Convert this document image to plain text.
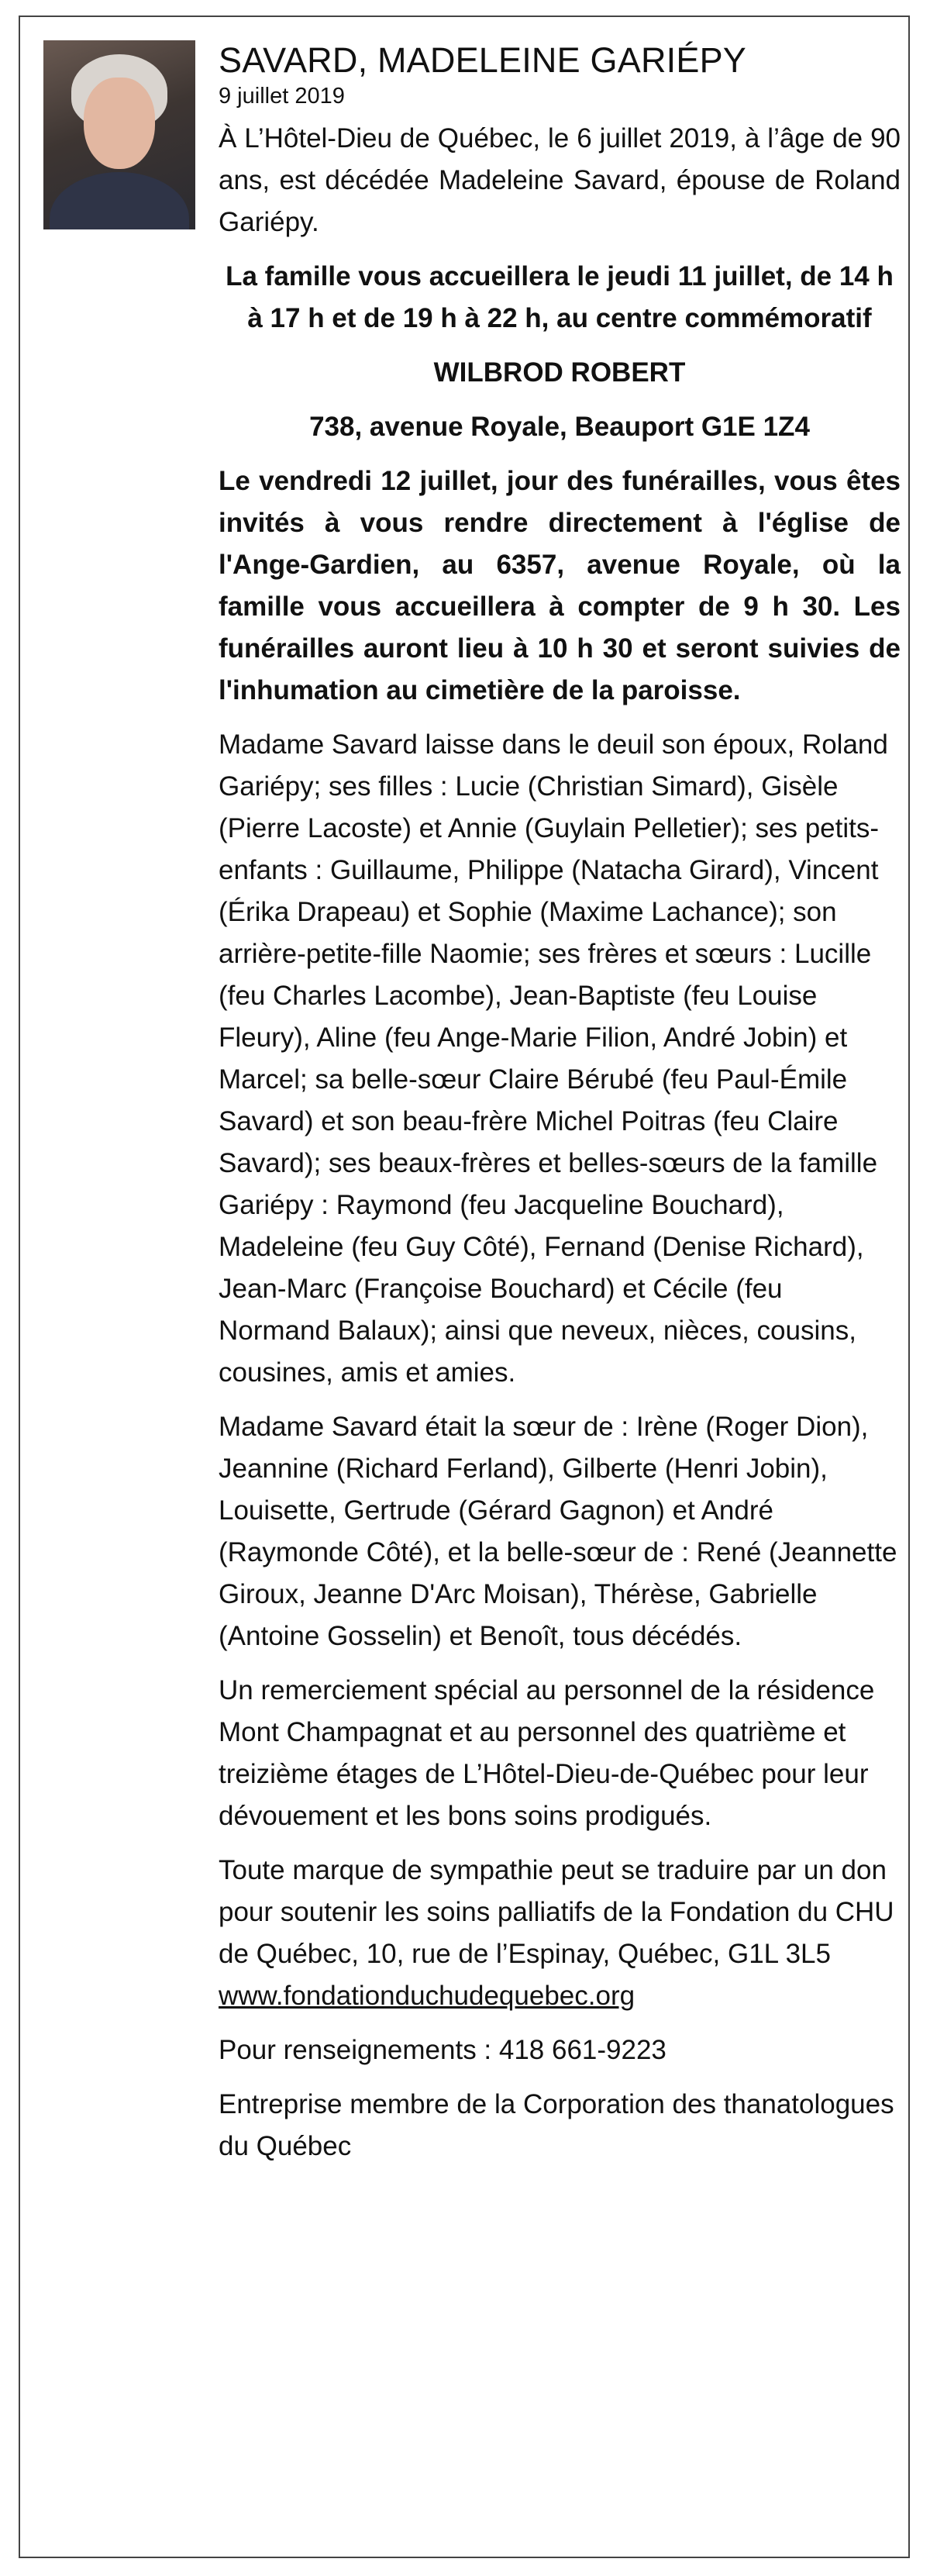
SAVARD, MADELEINE GARIÉPY

9 juillet 2019

À L’Hôtel-Dieu de Québec, le 6 juillet 2019, à l’âge de 90 ans, est décédée Madeleine Savard, épouse de Roland Gariépy.

La famille vous accueillera le jeudi 11 juillet, de 14 h à 17 h et de 19 h à 22 h, au centre commémoratif

WILBROD ROBERT

738, avenue Royale, Beauport G1E 1Z4

Le vendredi 12 juillet, jour des funérailles, vous êtes invités à vous rendre directement à l'église de l'Ange-Gardien, au 6357, avenue Royale, où la famille vous accueillera à compter de 9 h 30. Les funérailles auront lieu à 10 h 30 et seront suivies de l'inhumation au cimetière de la paroisse.

Madame Savard laisse dans le deuil son époux, Roland Gariépy; ses filles : Lucie (Christian Simard), Gisèle (Pierre Lacoste) et Annie (Guylain Pelletier); ses petits-enfants : Guillaume, Philippe (Natacha Girard), Vincent (Érika Drapeau) et Sophie (Maxime Lachance); son arrière-petite-fille Naomie; ses frères et sœurs : Lucille (feu Charles Lacombe), Jean-Baptiste (feu Louise Fleury), Aline (feu Ange-Marie Filion, André Jobin) et Marcel; sa belle-sœur Claire Bérubé (feu Paul-Émile Savard) et son beau-frère Michel Poitras (feu Claire Savard); ses beaux-frères et belles-sœurs de la famille Gariépy : Raymond (feu Jacqueline Bouchard), Madeleine (feu Guy Côté), Fernand (Denise Richard), Jean-Marc (Françoise Bouchard) et Cécile (feu Normand Balaux); ainsi que neveux, nièces, cousins, cousines, amis et amies.

Madame Savard était la sœur de : Irène (Roger Dion), Jeannine (Richard Ferland), Gilberte (Henri Jobin), Louisette, Gertrude (Gérard Gagnon) et André (Raymonde Côté), et la belle-sœur de : René (Jeannette Giroux, Jeanne D'Arc Moisan), Thérèse, Gabrielle (Antoine Gosselin) et Benoît, tous décédés.

Un remerciement spécial au personnel de la résidence Mont Champagnat et au personnel des quatrième et treizième étages de L’Hôtel-Dieu-de-Québec pour leur dévouement et les bons soins prodigués.

Toute marque de sympathie peut se traduire par un don pour soutenir les soins palliatifs de la Fondation du CHU de Québec, 10, rue de l’Espinay, Québec, G1L 3L5
www.fondationduchudequebec.org

Pour renseignements : 418 661-9223

Entreprise membre de la Corporation des thanatologues du Québec
